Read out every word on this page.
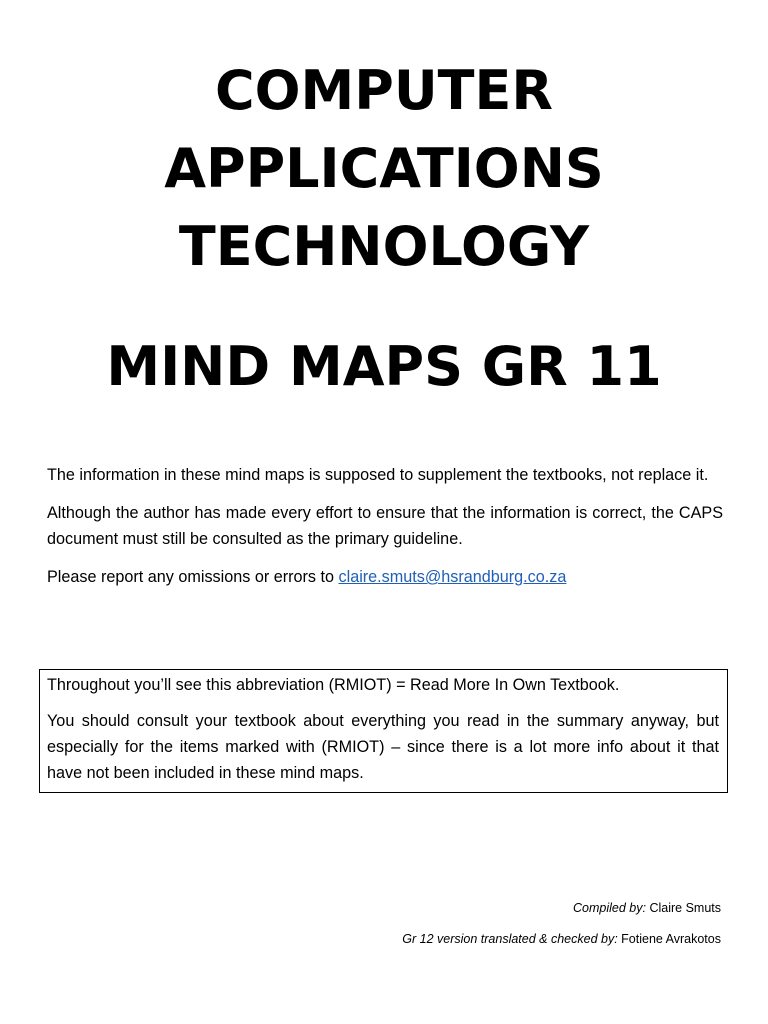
COMPUTER
APPLICATIONS
TECHNOLOGY
MIND MAPS GR 11

The information in these mind maps is supposed to supplement the textbooks, not replace it.

Although the author has made every effort to ensure that the information is correct, the CAPS document must still be consulted as the primary guideline.

Please report any omissions or errors to claire.smuts@hsrandburg.co.za

Throughout you’ll see this abbreviation (RMIOT) = Read More In Own Textbook.

You should consult your textbook about everything you read in the summary anyway, but especially for the items marked with (RMIOT) – since there is a lot more info about it that have not been included in these mind maps.

Compiled by: Claire Smuts
Gr 12 version translated & checked by: Fotiene Avrakotos
